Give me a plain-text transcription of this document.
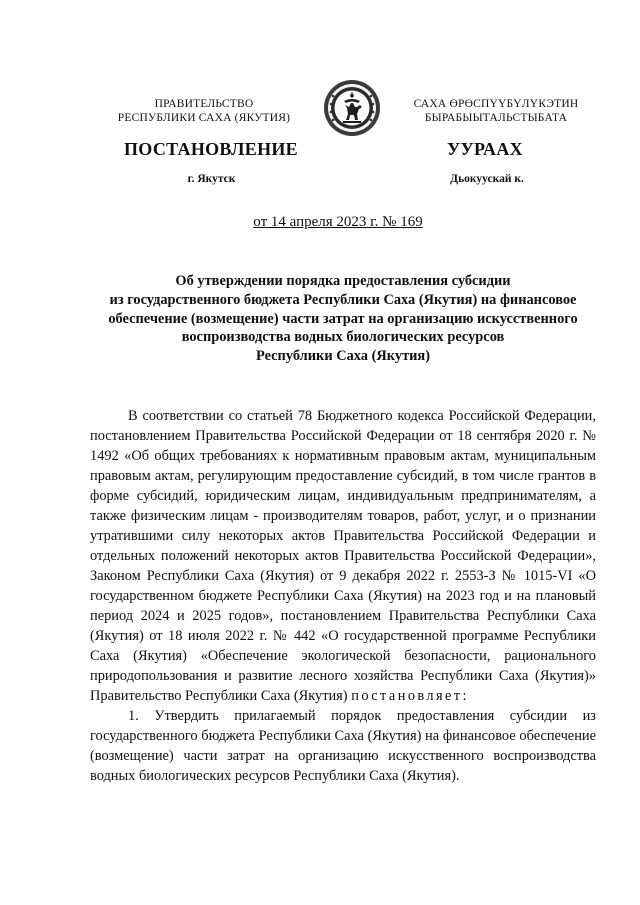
ПРАВИТЕЛЬСТВО
РЕСПУБЛИКИ САХА (ЯКУТИЯ)
САХА ӨРӨСПҮҮБҮЛҮКЭТИН
БЫРАБЫЫТАЛЬСТЫБАТА
ПОСТАНОВЛЕНИЕ	УУРААХ
г. Якутск	Дьокуускай к.
от 14 апреля 2023 г. № 169
Об утверждении порядка предоставления субсидии
из государственного бюджета Республики Саха (Якутия) на финансовое
обеспечение (возмещение) части затрат на организацию искусственного
воспроизводства водных биологических ресурсов
Республики Саха (Якутия)

В соответствии со статьей 78 Бюджетного кодекса Российской Федерации, постановлением Правительства Российской Федерации от 18 сентября 2020 г. № 1492 «Об общих требованиях к нормативным правовым актам, муниципальным правовым актам, регулирующим предоставление субсидий, в том числе грантов в форме субсидий, юридическим лицам, индивидуальным предпринимателям, а также физическим лицам - производителям товаров, работ, услуг, и о признании утратившими силу некоторых актов Правительства Российской Федерации и отдельных положений некоторых актов Правительства Российской Федерации», Законом Республики Саха (Якутия) от 9 декабря 2022 г. 2553-З № 1015-VI «О государственном бюджете Республики Саха (Якутия) на 2023 год и на плановый период 2024 и 2025 годов», постановлением Правительства Республики Саха (Якутия) от 18 июля 2022 г. № 442 «О государственной программе Республики Саха (Якутия) «Обеспечение экологической безопасности, рационального природопользования и развитие лесного хозяйства Республики Саха (Якутия)» Правительство Республики Саха (Якутия) постановляет:

1. Утвердить прилагаемый порядок предоставления субсидии из государственного бюджета Республики Саха (Якутия) на финансовое обеспечение (возмещение) части затрат на организацию искусственного воспроизводства водных биологических ресурсов Республики Саха (Якутия).
